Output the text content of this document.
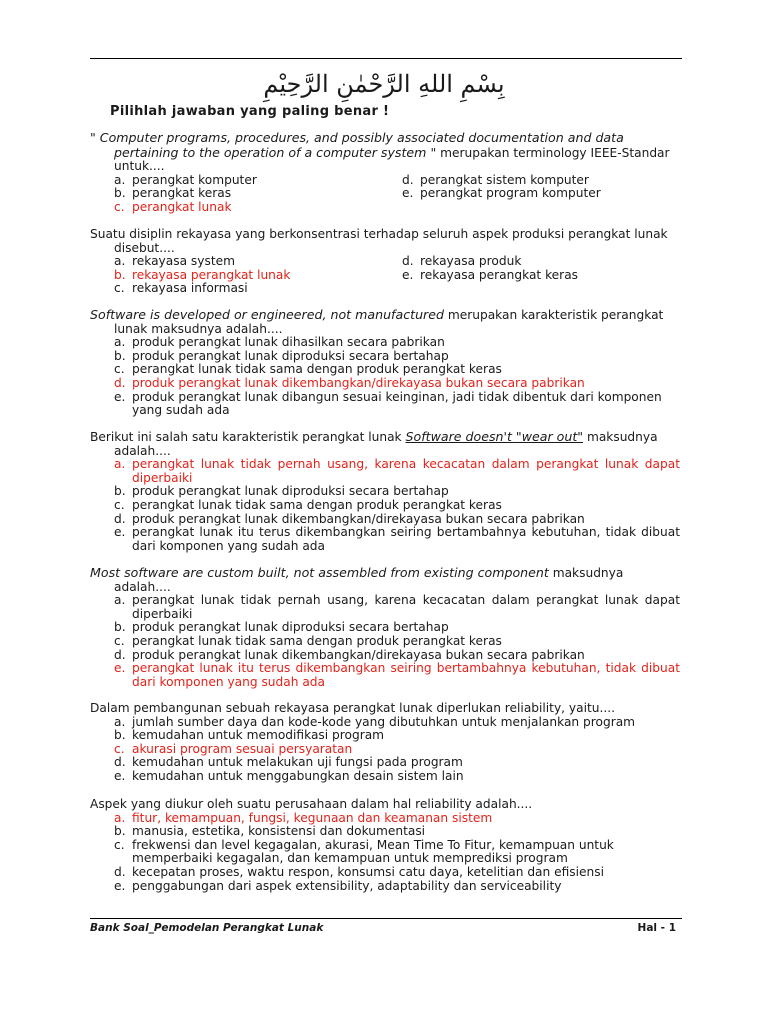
بِسْمِ اللهِ الرَّحْمٰنِ الرَّحِيْمِ
Pilihlah jawaban yang paling benar !

" Computer programs, procedures, and possibly associated documentation and data pertaining to the operation of a computer system " merupakan terminology IEEE-Standar untuk....

a. perangkat komputer	d. perangkat sistem komputer
b. perangkat keras	e. perangkat program komputer
c. perangkat lunak

Suatu disiplin rekayasa yang berkonsentrasi terhadap seluruh aspek produksi perangkat lunak disebut....

a. rekayasa system	d. rekayasa produk
b. rekayasa perangkat lunak	e. rekayasa perangkat keras
c. rekayasa informasi

Software is developed or engineered, not manufactured merupakan karakteristik perangkat lunak maksudnya adalah....

a. produk perangkat lunak dihasilkan secara pabrikan
b. produk perangkat lunak diproduksi secara bertahap
c. perangkat lunak tidak sama dengan produk perangkat keras
d. produk perangkat lunak dikembangkan/direkayasa bukan secara pabrikan
e. produk perangkat lunak dibangun sesuai keinginan, jadi tidak dibentuk dari komponen yang sudah ada

Berikut ini salah satu karakteristik perangkat lunak Software doesn't "wear out" maksudnya adalah....

a. perangkat lunak tidak pernah usang, karena kecacatan dalam perangkat lunak dapat diperbaiki
b. produk perangkat lunak diproduksi secara bertahap
c. perangkat lunak tidak sama dengan produk perangkat keras
d. produk perangkat lunak dikembangkan/direkayasa bukan secara pabrikan
e. perangkat lunak itu terus dikembangkan seiring bertambahnya kebutuhan, tidak dibuat dari komponen yang sudah ada

Most software are custom built, not assembled from existing component maksudnya adalah....

a. perangkat lunak tidak pernah usang, karena kecacatan dalam perangkat lunak dapat diperbaiki
b. produk perangkat lunak diproduksi secara bertahap
c. perangkat lunak tidak sama dengan produk perangkat keras
d. produk perangkat lunak dikembangkan/direkayasa bukan secara pabrikan
e. perangkat lunak itu terus dikembangkan seiring bertambahnya kebutuhan, tidak dibuat dari komponen yang sudah ada

Dalam pembangunan sebuah rekayasa perangkat lunak diperlukan reliability, yaitu....

a. jumlah sumber daya dan kode-kode yang dibutuhkan untuk menjalankan program
b. kemudahan untuk memodifikasi program
c. akurasi program sesuai persyaratan
d. kemudahan untuk melakukan uji fungsi pada program
e. kemudahan untuk menggabungkan desain sistem lain

Aspek yang diukur oleh suatu perusahaan dalam hal reliability adalah....

a. fitur, kemampuan, fungsi, kegunaan dan keamanan sistem
b. manusia, estetika, konsistensi dan dokumentasi
c. frekwensi dan level kegagalan, akurasi, Mean Time To Fitur, kemampuan untuk memperbaiki kegagalan, dan kemampuan untuk memprediksi program
d. kecepatan proses, waktu respon, konsumsi catu daya, ketelitian dan efisiensi
e. penggabungan dari aspek extensibility, adaptability dan serviceability
Bank Soal_Pemodelan Perangkat Lunak	Hal - 1
